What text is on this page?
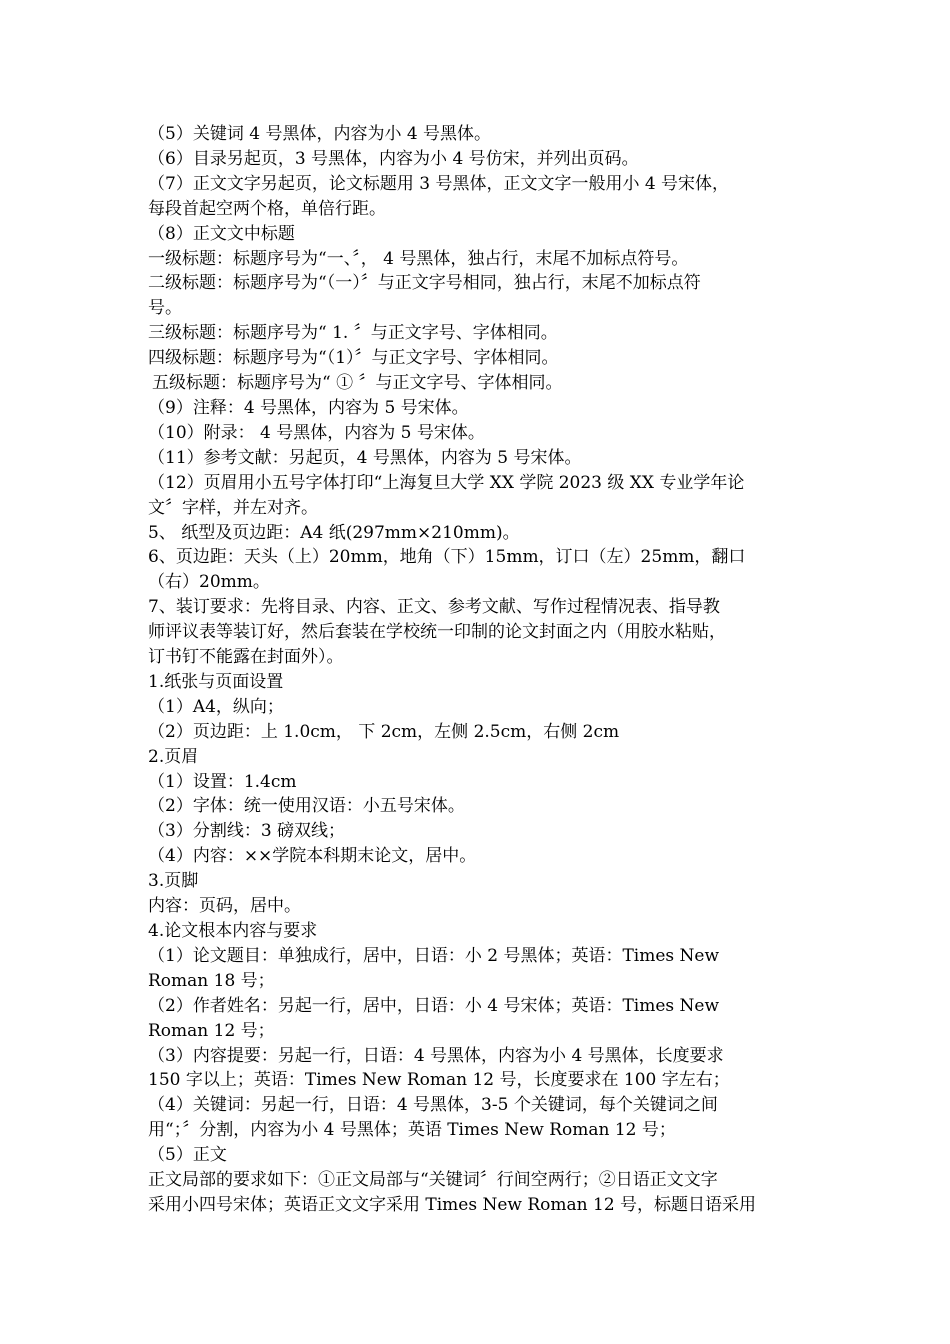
（5）关键词 4 号黑体，内容为小 4 号黑体。

（6）目录另起页，3 号黑体，内容为小 4 号仿宋，并列出页码。

（7）正文文字另起页，论文标题用 3 号黑体，正文文字一般用小 4 号宋体，

每段首起空两个格，单倍行距。

（8）正文文中标题

一级标题：标题序号为“一、〞， 4 号黑体，独占行，末尾不加标点符号。

二级标题：标题序号为“（一）〞与正文字号相同，独占行，末尾不加标点符

号。

三级标题：标题序号为“ 1. 〞与正文字号、字体相同。

四级标题：标题序号为“（1）〞与正文字号、字体相同。

五级标题：标题序号为“ ① 〞与正文字号、字体相同。

（9）注释：4 号黑体，内容为 5 号宋体。

（10）附录： 4 号黑体，内容为 5 号宋体。

（11）参考文献：另起页，4 号黑体，内容为 5 号宋体。

（12）页眉用小五号字体打印“上海复旦大学 XX 学院 2023 级 XX 专业学年论

文〞字样，并左对齐。

5、 纸型及页边距：A4 纸(297mm×210mm)。

6、页边距：天头（上）20mm，地角（下）15mm，订口（左）25mm，翻口

（右）20mm。

7、装订要求：先将目录、内容、正文、参考文献、写作过程情况表、指导教

师评议表等装订好，然后套装在学校统一印制的论文封面之内（用胶水粘贴，

订书钉不能露在封面外）。

1.纸张与页面设置

（1）A4，纵向；

（2）页边距：上 1.0cm， 下 2cm，左侧 2.5cm，右侧 2cm

2.页眉

（1）设置：1.4cm

（2）字体：统一使用汉语：小五号宋体。

（3）分割线：3 磅双线；

（4）内容：××学院本科期末论文，居中。

3.页脚

内容：页码，居中。

4.论文根本内容与要求

（1）论文题目：单独成行，居中，日语：小 2 号黑体；英语：Times New

Roman 18 号；

（2）作者姓名：另起一行，居中，日语：小 4 号宋体；英语：Times New

Roman 12 号；

（3）内容提要：另起一行，日语：4 号黑体，内容为小 4 号黑体，长度要求

150 字以上；英语：Times New Roman 12 号，长度要求在 100 字左右；

（4）关键词：另起一行，日语：4 号黑体，3-5 个关键词，每个关键词之间

用“；〞分割，内容为小 4 号黑体；英语 Times New Roman 12 号；

（5）正文

正文局部的要求如下：①正文局部与“关键词〞行间空两行；②日语正文文字

采用小四号宋体；英语正文文字采用 Times New Roman 12 号，标题日语采用
